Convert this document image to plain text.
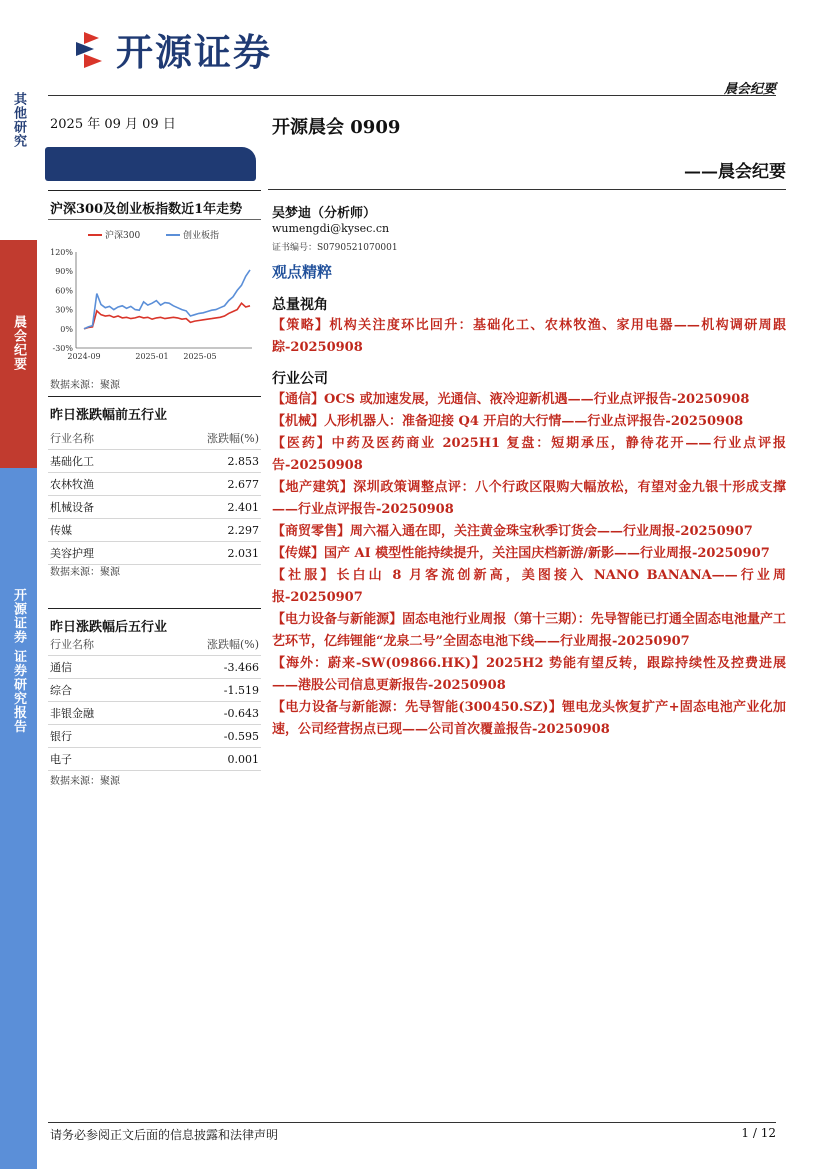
其他研究
晨会纪要
开源证券 证券研究报告
开源证券
晨会纪要
2025 年 09 月 09 日
沪深300及创业板指数近1年走势
120%
90%
60%
30%
0%
-30%
2024-09	2025-01 2025-05
沪深300	创业板指
数据来源：聚源
昨日涨跌幅前五行业
行业名称	涨跌幅(%)
基础化工	2.853
农林牧渔	2.677
机械设备	2.401
传媒	2.297
美容护理	2.031
数据来源：聚源
昨日涨跌幅后五行业
行业名称	涨跌幅(%)
通信	-3.466
综合	-1.519
非银金融	-0.643
银行	-0.595
电子	0.001
数据来源：聚源
开源晨会 0909
——晨会纪要
吴梦迪（分析师）
wumengdi@kysec.cn
证书编号：S0790521070001
观点精粹
总量视角

【策略】机构关注度环比回升：基础化工、农林牧渔、家用电器——机构调研周跟踪-20250908

行业公司

【通信】OCS 或加速发展，光通信、液冷迎新机遇——行业点评报告-20250908

【机械】人形机器人：准备迎接 Q4 开启的大行情——行业点评报告-20250908

【医药】中药及医药商业 2025H1 复盘：短期承压，静待花开——行业点评报告-20250908

【地产建筑】深圳政策调整点评：八个行政区限购大幅放松，有望对金九银十形成支撑——行业点评报告-20250908

【商贸零售】周六福入通在即，关注黄金珠宝秋季订货会——行业周报-20250907

【传媒】国产 AI 模型性能持续提升，关注国庆档新游/新影——行业周报-20250907

【社服】长白山 8 月客流创新高，美图接入 NANO BANANA——行业周报-20250907

【电力设备与新能源】固态电池行业周报（第十三期）：先导智能已打通全固态电池量产工艺环节，亿纬锂能“龙泉二号”全固态电池下线——行业周报-20250907

【海外：蔚来-SW(09866.HK)】2025H2 势能有望反转，跟踪持续性及控费进展——港股公司信息更新报告-20250908

【电力设备与新能源：先导智能(300450.SZ)】锂电龙头恢复扩产+固态电池产业化加速，公司经营拐点已现——公司首次覆盖报告-20250908

请务必参阅正文后面的信息披露和法律声明	1 / 12
